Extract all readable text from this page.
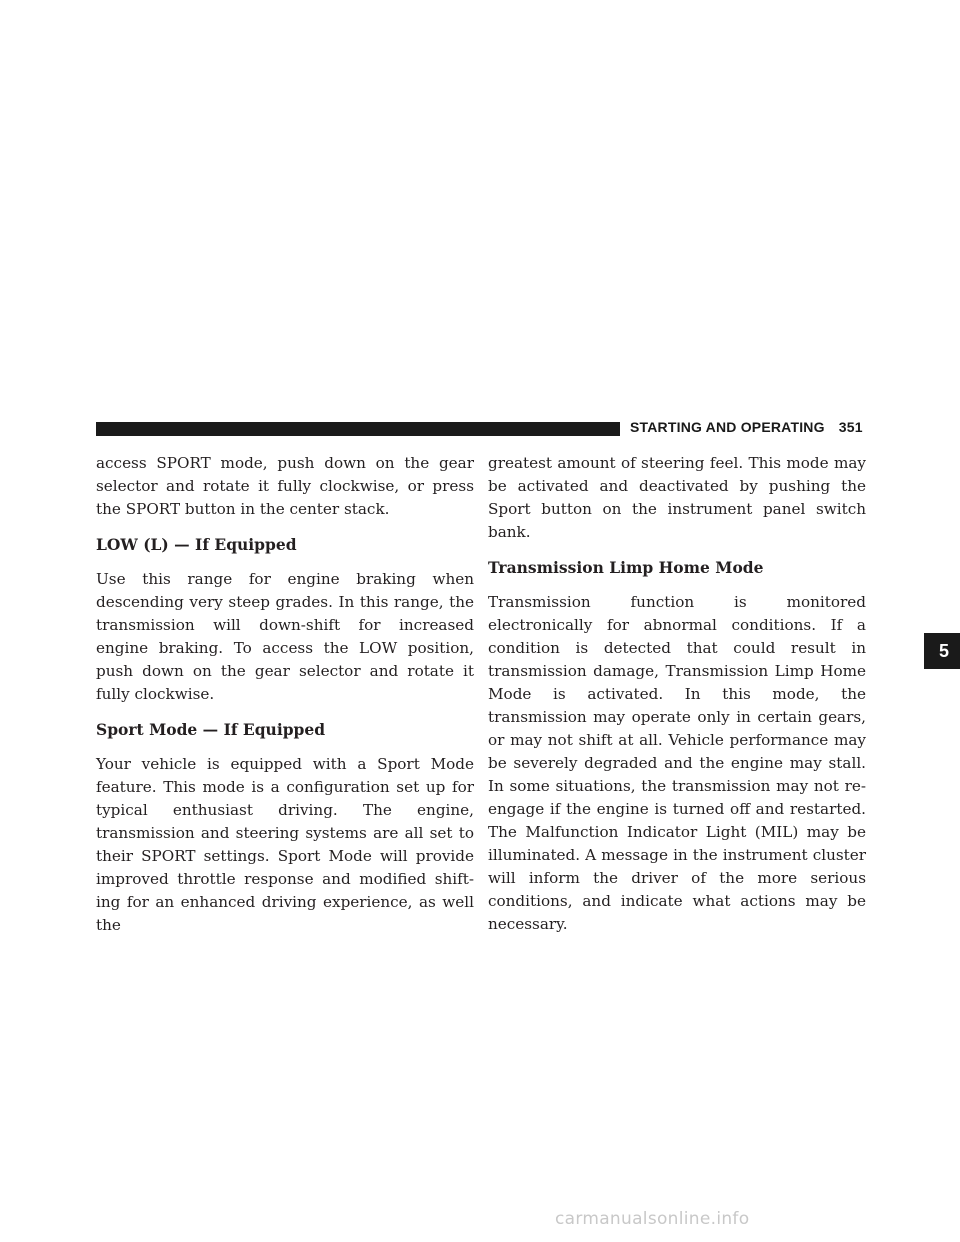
STARTING AND OPERATING 351
5

access SPORT mode, push down on the gear selector and rotate it fully clockwise, or press the SPORT button in the center stack.

LOW (L) — If Equipped

Use this range for engine braking when descending very steep grades. In this range, the transmission will down-shift for increased engine braking. To access the LOW position, push down on the gear selector and rotate it fully clockwise.

Sport Mode — If Equipped

Your vehicle is equipped with a Sport Mode feature. This mode is a configuration set up for typical enthusiast driving. The engine, transmission and steering systems are all set to their SPORT settings. Sport Mode will provide improved throttle response and modified shift-ing for an enhanced driving experience, as well the

greatest amount of steering feel. This mode may be activated and deactivated by pushing the Sport button on the instrument panel switch bank.

Transmission Limp Home Mode

Transmission function is monitored electronically for abnormal conditions. If a condition is detected that could result in transmission damage, Transmission Limp Home Mode is activated. In this mode, the transmission may operate only in certain gears, or may not shift at all. Vehicle performance may be severely degraded and the engine may stall. In some situations, the transmission may not re-engage if the engine is turned off and restarted. The Malfunction Indicator Light (MIL) may be illuminated. A message in the instrument cluster will inform the driver of the more serious conditions, and indicate what actions may be necessary.

carmanualsonline.info
